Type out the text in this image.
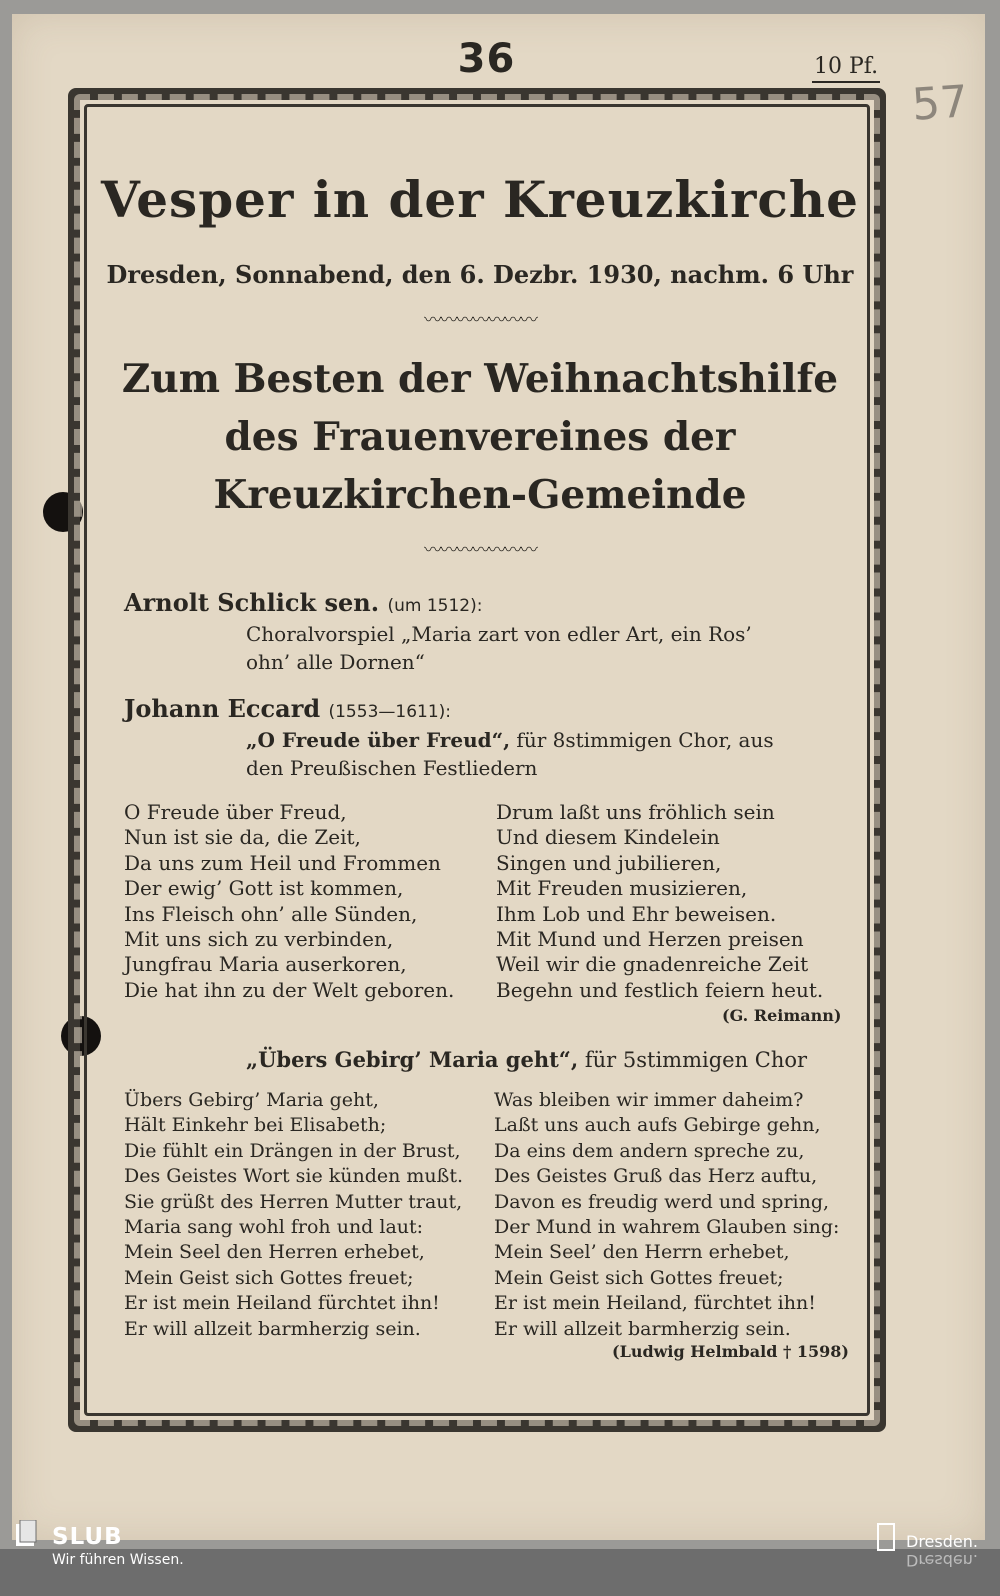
36	10 Pf.
57
Vesper in der Kreuzkirche
Dresden, Sonnabend, den 6. Dezbr. 1930, nachm. 6 Uhr
〰〰〰〰〰〰〰
Zum Besten der Weihnachtshilfe
des Frauenvereines der
Kreuzkirchen-Gemeinde
〰〰〰〰〰〰〰
Arnolt Schlick sen. (um 1512):
Choralvorspiel „Maria zart von edler Art, ein Ros’
ohn’ alle Dornen“
Johann Eccard (1553—1611):
„O Freude über Freud“, für 8stimmigen Chor, aus
den Preußischen Festliedern
O Freude über Freud,
Nun ist sie da, die Zeit,
Da uns zum Heil und Frommen
Der ewig’ Gott ist kommen,
Ins Fleisch ohn’ alle Sünden,
Mit uns sich zu verbinden,
Jungfrau Maria auserkoren,
Die hat ihn zu der Welt geboren.
Drum laßt uns fröhlich sein
Und diesem Kindelein
Singen und jubilieren,
Mit Freuden musizieren,
Ihm Lob und Ehr beweisen.
Mit Mund und Herzen preisen
Weil wir die gnadenreiche Zeit
Begehn und festlich feiern heut.
(G. Reimann)
„Übers Gebirg’ Maria geht“, für 5stimmigen Chor
Übers Gebirg’ Maria geht,
Hält Einkehr bei Elisabeth;
Die fühlt ein Drängen in der Brust,
Des Geistes Wort sie künden mußt.
Sie grüßt des Herren Mutter traut,
Maria sang wohl froh und laut:
Mein Seel den Herren erhebet,
Mein Geist sich Gottes freuet;
Er ist mein Heiland fürchtet ihn!
Er will allzeit barmherzig sein.
Was bleiben wir immer daheim?
Laßt uns auch aufs Gebirge gehn,
Da eins dem andern spreche zu,
Des Geistes Gruß das Herz auftu,
Davon es freudig werd und spring,
Der Mund in wahrem Glauben sing:
Mein Seel’ den Herrn erhebet,
Mein Geist sich Gottes freuet;
Er ist mein Heiland, fürchtet ihn!
Er will allzeit barmherzig sein.
(Ludwig Helmbald † 1598)
SLUB
Wir führen Wissen.
Dresden.
Dresden.
